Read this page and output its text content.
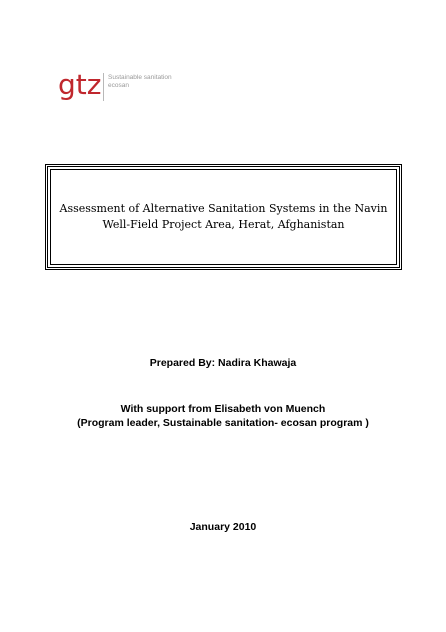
gtz Sustainable sanitation
ecosan
Assessment of Alternative Sanitation Systems in the Navin
Well-Field Project Area, Herat, Afghanistan
Prepared By: Nadira Khawaja
With support from Elisabeth von Muench
(Program leader, Sustainable sanitation- ecosan program )
January 2010
